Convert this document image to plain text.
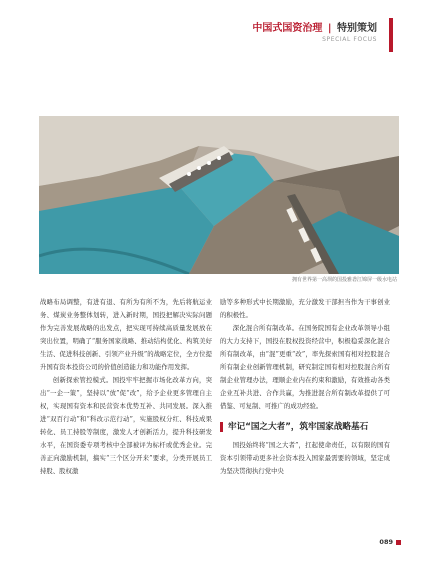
中国式国资治理 | 特别策划
SPECIAL FOCUS
拥有世界第一高坝的国投雅砻江锦屏一级水电站

战略布局调整，有进有退、有所为有所不为，先后将航运业务、煤炭业务整体划转，进入新时期，国投把解决实际问题作为完善发展战略的出发点，把实现可持续高质量发展放在突出位置，明确了“服务国家战略、推动结构优化、构筑美好生活、促进科技创新、引领产业升级”的战略定位，全方位提升国有资本投资公司的价值创造能力和功能作用发挥。

创新探索管控模式。国投牢牢把握市场化改革方向，突出“一企一策”，坚持以“放”促“改”，给予企业更多管理自主权，实现国有资本和民营资本优势互补、共同发展。深入推进“双百行动”和“科改示范行动”，实施股权分红、科技成果转化、员工持股等制度，激发人才创新活力，提升科技研发水平，在国资委专项考核中全部被评为标杆或优秀企业。完善正向激励机制，搞实“三个区分开来”要求，分类开展员工持股、股权激

励等多种形式中长期激励，充分激发干部担当作为干事创业的积极性。

深化混合所有制改革。在国务院国有企业改革领导小组的大力支持下，国投在股权投资经营中，积极稳妥深化混合所有制改革，由“混”更重“改”，率先探索国有相对控股混合所有制企业创新管理机制，研究制定国有相对控股混合所有制企业管理办法，理顺企业内在约束和激励，有效推动各类企业互补共进、合作共赢，为推进混合所有制改革提供了可借鉴、可复制、可推广的成功经验。

牢记“国之大者”，筑牢国家战略基石

国投始终将“国之大者”，扛起使命责任，以有限的国有资本引领带动更多社会资本投入国家最需要的领域，坚定成为坚决贯彻执行党中央

089
